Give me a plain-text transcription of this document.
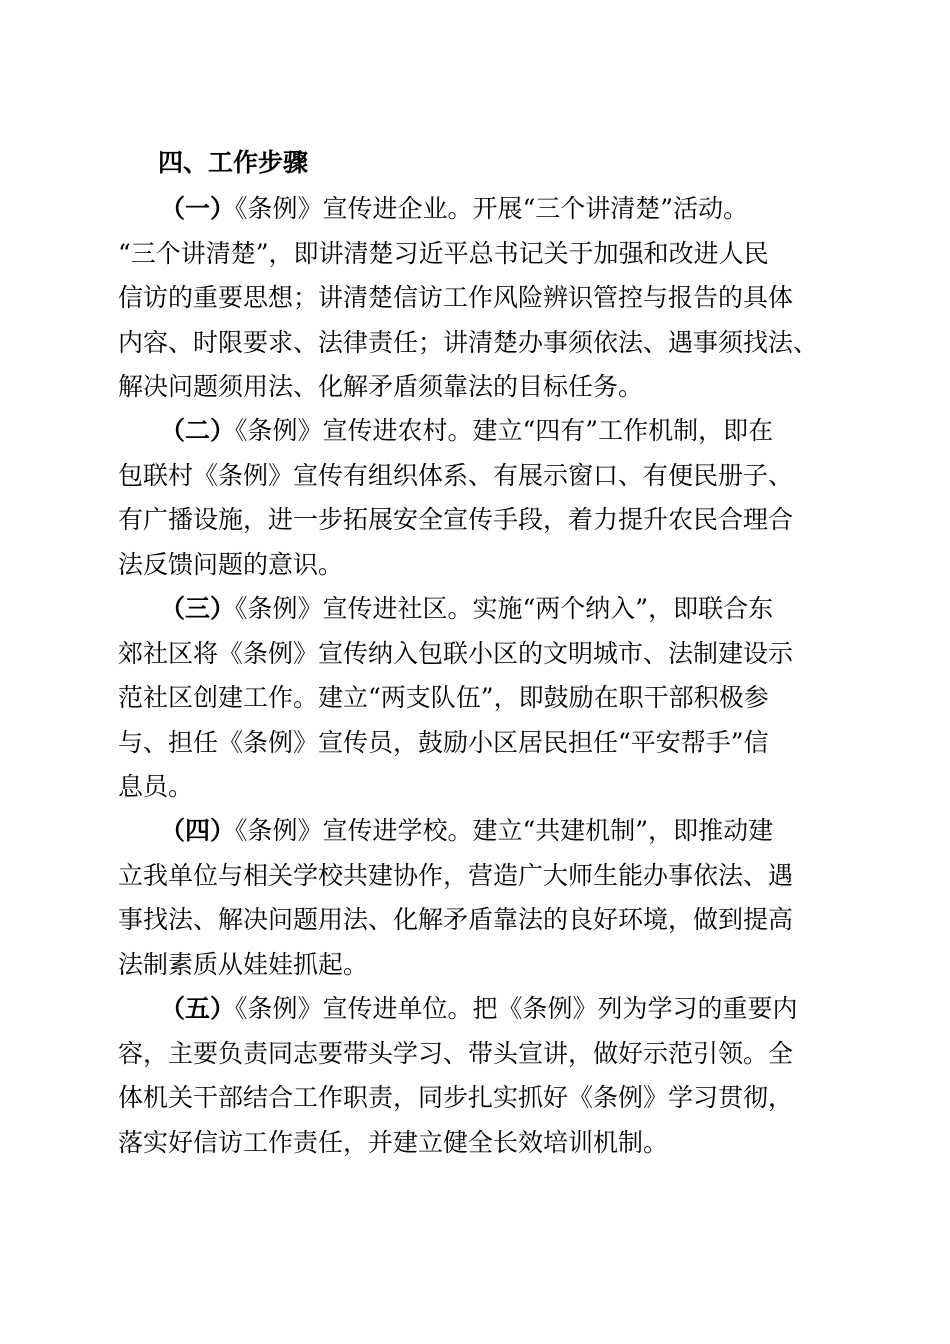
四、工作步骤
（一）《条例》宣传进企业。开展“三个讲清楚”活动。
“三个讲清楚”，即讲清楚习近平总书记关于加强和改进人民
信访的重要思想；讲清楚信访工作风险辨识管控与报告的具体
内容、时限要求、法律责任；讲清楚办事须依法、遇事须找法、
解决问题须用法、化解矛盾须靠法的目标任务。
（二）《条例》宣传进农村。建立“四有”工作机制，即在
包联村《条例》宣传有组织体系、有展示窗口、有便民册子、
有广播设施，进一步拓展安全宣传手段，着力提升农民合理合
法反馈问题的意识。
（三）《条例》宣传进社区。实施“两个纳入”，即联合东
郊社区将《条例》宣传纳入包联小区的文明城市、法制建设示
范社区创建工作。建立“两支队伍”，即鼓励在职干部积极参
与、担任《条例》宣传员，鼓励小区居民担任“平安帮手”信
息员。
（四）《条例》宣传进学校。建立“共建机制”，即推动建
立我单位与相关学校共建协作，营造广大师生能办事依法、遇
事找法、解决问题用法、化解矛盾靠法的良好环境，做到提高
法制素质从娃娃抓起。
（五）《条例》宣传进单位。把《条例》列为学习的重要内
容，主要负责同志要带头学习、带头宣讲，做好示范引领。全
体机关干部结合工作职责，同步扎实抓好《条例》学习贯彻，
落实好信访工作责任，并建立健全长效培训机制。
